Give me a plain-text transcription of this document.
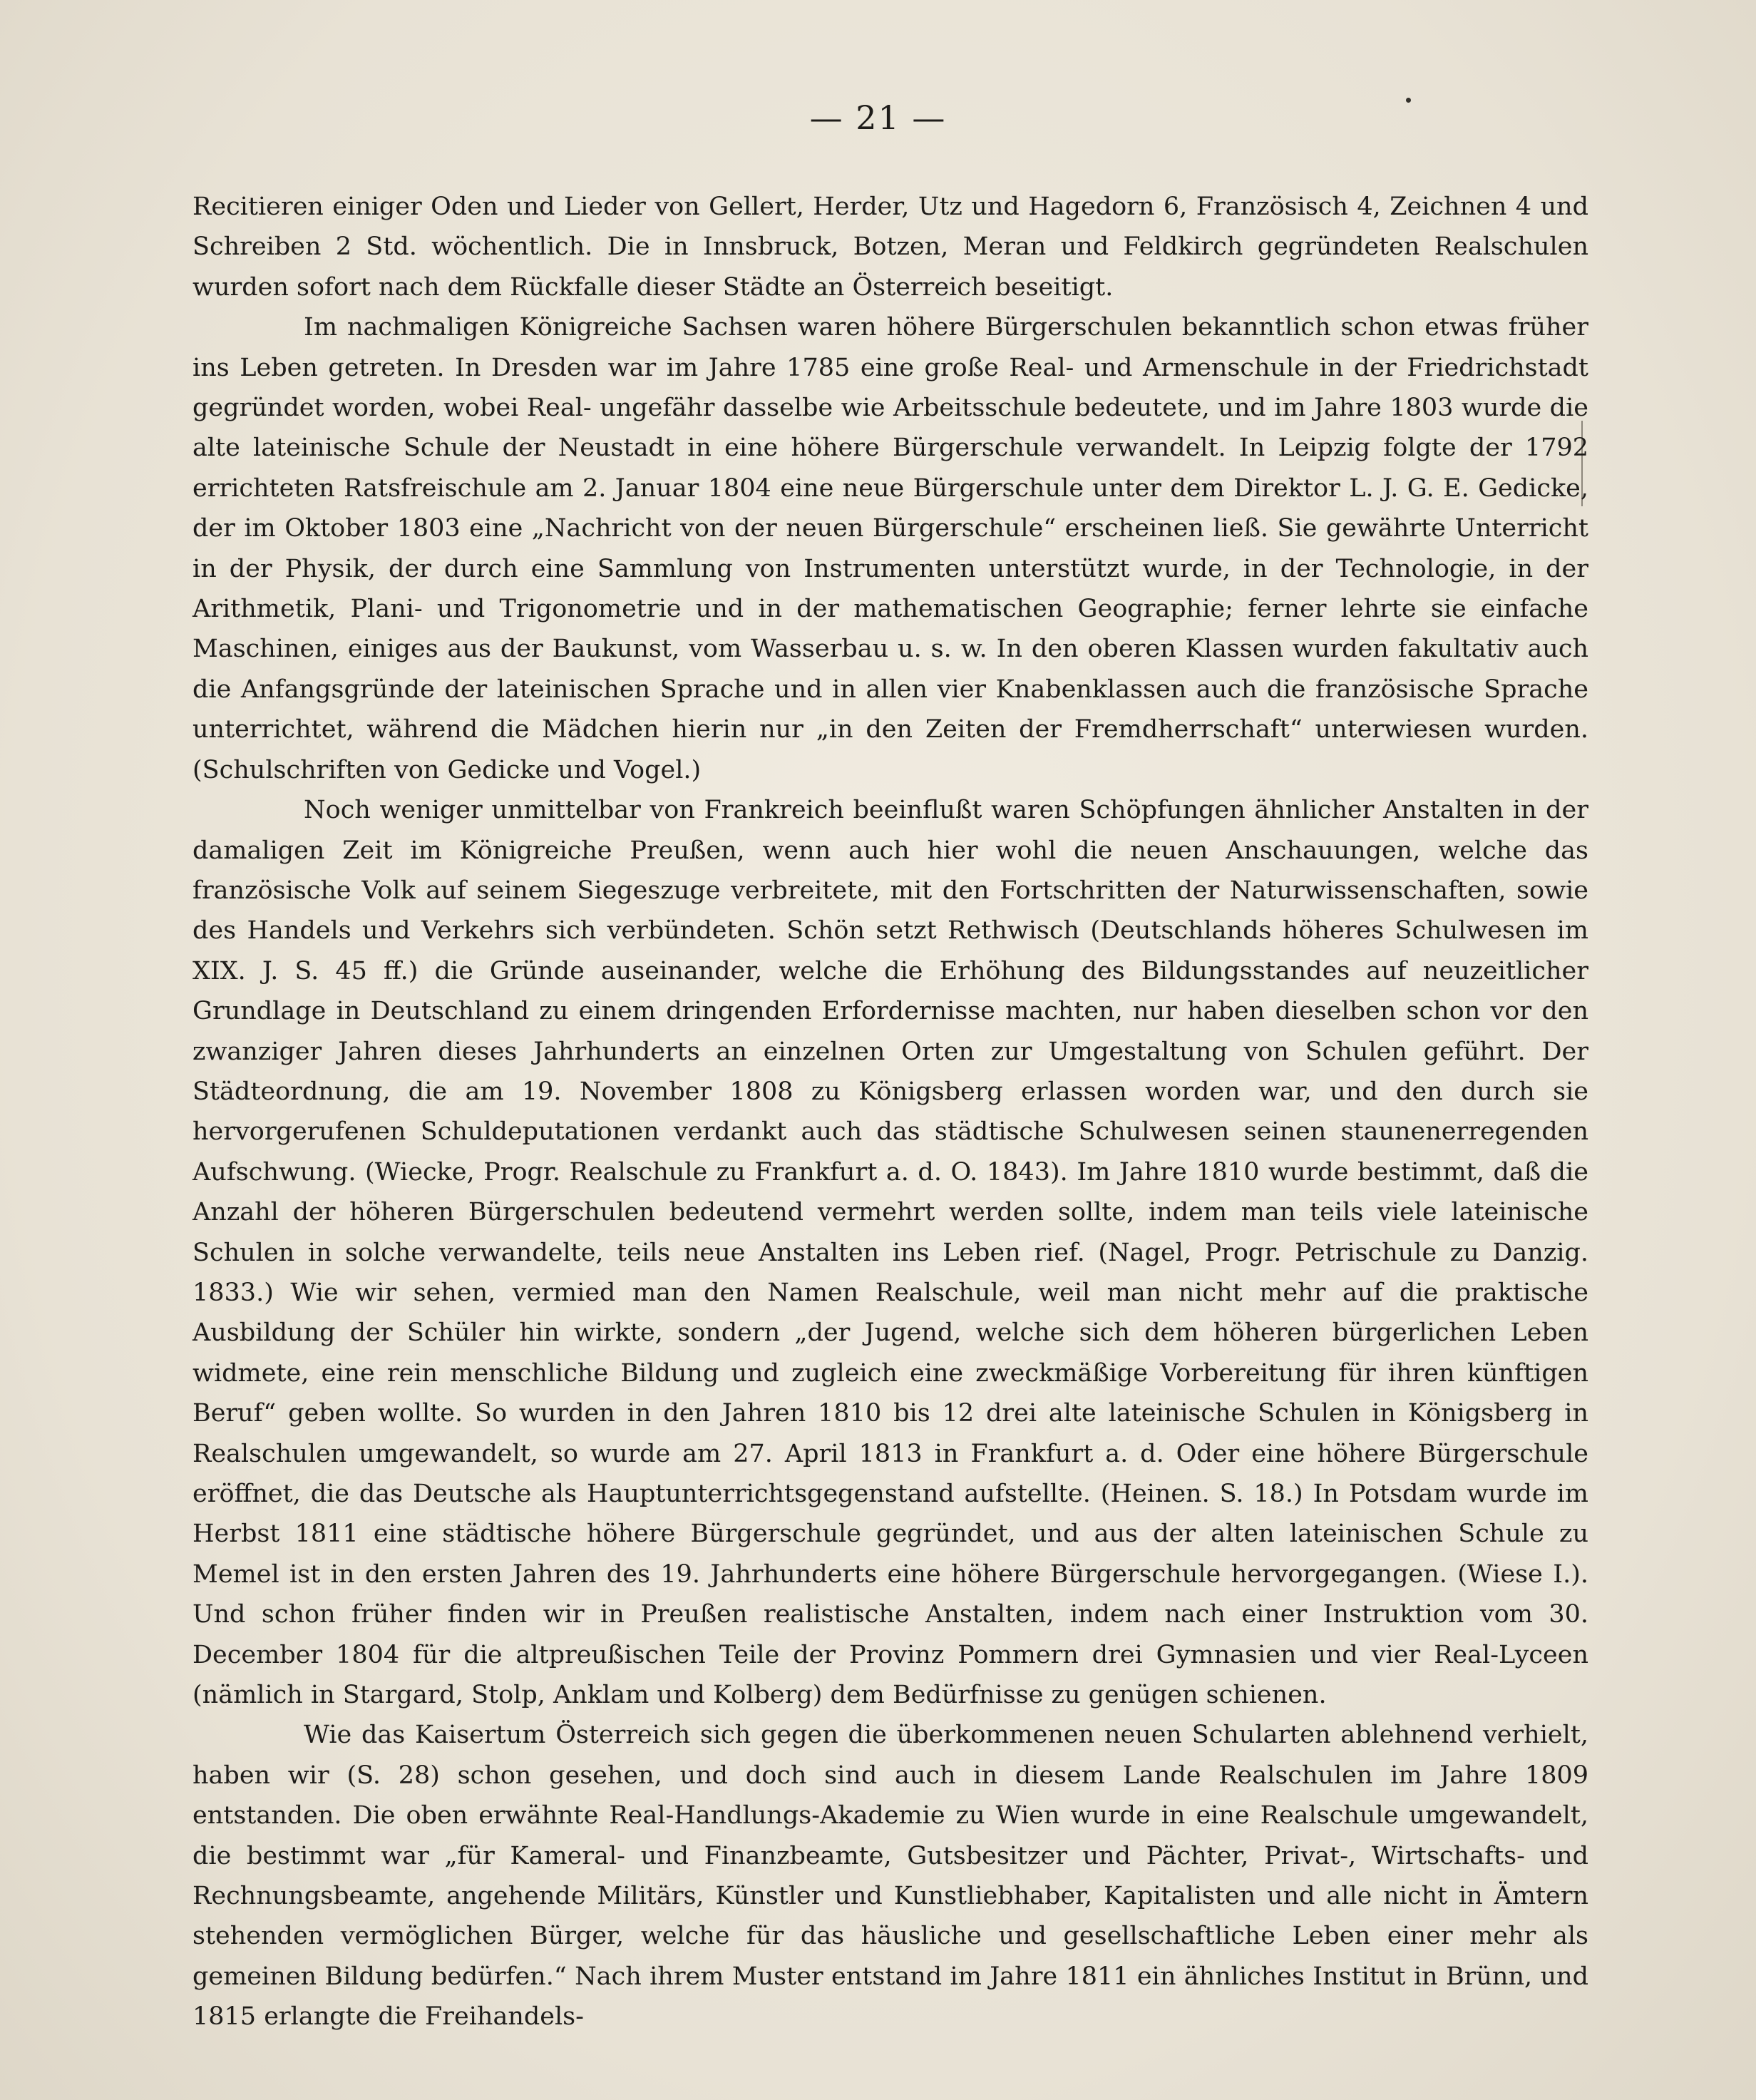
— 21 —

Recitieren einiger Oden und Lieder von Gellert, Herder, Utz und Hagedorn 6, Französisch 4, Zeichnen 4 und Schreiben 2 Std. wöchentlich. Die in Innsbruck, Botzen, Meran und Feldkirch gegründeten Realschulen wurden sofort nach dem Rückfalle dieser Städte an Österreich beseitigt.

Im nachmaligen Königreiche Sachsen waren höhere Bürgerschulen bekanntlich schon etwas früher ins Leben getreten. In Dresden war im Jahre 1785 eine große Real- und Armenschule in der Friedrichstadt gegründet worden, wobei Real- ungefähr dasselbe wie Arbeitsschule bedeutete, und im Jahre 1803 wurde die alte lateinische Schule der Neustadt in eine höhere Bürgerschule verwandelt. In Leipzig folgte der 1792 errichteten Ratsfreischule am 2. Januar 1804 eine neue Bürgerschule unter dem Direktor L. J. G. E. Gedicke, der im Oktober 1803 eine „Nachricht von der neuen Bürgerschule“ erscheinen ließ. Sie gewährte Unterricht in der Physik, der durch eine Sammlung von Instrumenten unterstützt wurde, in der Technologie, in der Arithmetik, Plani- und Trigonometrie und in der mathematischen Geographie; ferner lehrte sie einfache Maschinen, einiges aus der Baukunst, vom Wasserbau u. s. w. In den oberen Klassen wurden fakultativ auch die Anfangsgründe der lateinischen Sprache und in allen vier Knabenklassen auch die französische Sprache unterrichtet, während die Mädchen hierin nur „in den Zeiten der Fremdherrschaft“ unterwiesen wurden. (Schulschriften von Gedicke und Vogel.)

Noch weniger unmittelbar von Frankreich beeinflußt waren Schöpfungen ähnlicher Anstalten in der damaligen Zeit im Königreiche Preußen, wenn auch hier wohl die neuen Anschauungen, welche das französische Volk auf seinem Siegeszuge verbreitete, mit den Fortschritten der Naturwissenschaften, sowie des Handels und Verkehrs sich verbündeten. Schön setzt Rethwisch (Deutschlands höheres Schulwesen im XIX. J. S. 45 ff.) die Gründe auseinander, welche die Erhöhung des Bildungsstandes auf neuzeitlicher Grundlage in Deutschland zu einem dringenden Erfordernisse machten, nur haben dieselben schon vor den zwanziger Jahren dieses Jahrhunderts an einzelnen Orten zur Umgestaltung von Schulen geführt. Der Städteordnung, die am 19. November 1808 zu Königsberg erlassen worden war, und den durch sie hervorgerufenen Schuldeputationen verdankt auch das städtische Schulwesen seinen staunenerregenden Aufschwung. (Wiecke, Progr. Realschule zu Frankfurt a. d. O. 1843). Im Jahre 1810 wurde bestimmt, daß die Anzahl der höheren Bürgerschulen bedeutend vermehrt werden sollte, indem man teils viele lateinische Schulen in solche verwandelte, teils neue Anstalten ins Leben rief. (Nagel, Progr. Petrischule zu Danzig. 1833.) Wie wir sehen, vermied man den Namen Realschule, weil man nicht mehr auf die praktische Ausbildung der Schüler hin wirkte, sondern „der Jugend, welche sich dem höheren bürgerlichen Leben widmete, eine rein menschliche Bildung und zugleich eine zweckmäßige Vorbereitung für ihren künftigen Beruf“ geben wollte. So wurden in den Jahren 1810 bis 12 drei alte lateinische Schulen in Königsberg in Realschulen umgewandelt, so wurde am 27. April 1813 in Frankfurt a. d. Oder eine höhere Bürgerschule eröffnet, die das Deutsche als Hauptunterrichtsgegenstand aufstellte. (Heinen. S. 18.) In Potsdam wurde im Herbst 1811 eine städtische höhere Bürgerschule gegründet, und aus der alten lateinischen Schule zu Memel ist in den ersten Jahren des 19. Jahrhunderts eine höhere Bürgerschule hervorgegangen. (Wiese I.). Und schon früher finden wir in Preußen realistische Anstalten, indem nach einer Instruktion vom 30. December 1804 für die altpreußischen Teile der Provinz Pommern drei Gymnasien und vier Real-Lyceen (nämlich in Stargard, Stolp, Anklam und Kolberg) dem Bedürfnisse zu genügen schienen.

Wie das Kaisertum Österreich sich gegen die überkommenen neuen Schularten ablehnend verhielt, haben wir (S. 28) schon gesehen, und doch sind auch in diesem Lande Realschulen im Jahre 1809 entstanden. Die oben erwähnte Real-Handlungs-Akademie zu Wien wurde in eine Realschule umgewandelt, die bestimmt war „für Kameral- und Finanzbeamte, Gutsbesitzer und Pächter, Privat-, Wirtschafts- und Rechnungsbeamte, angehende Militärs, Künstler und Kunstliebhaber, Kapitalisten und alle nicht in Ämtern stehenden vermöglichen Bürger, welche für das häusliche und gesellschaftliche Leben einer mehr als gemeinen Bildung bedürfen.“ Nach ihrem Muster entstand im Jahre 1811 ein ähnliches Institut in Brünn, und 1815 erlangte die Freihandels-
